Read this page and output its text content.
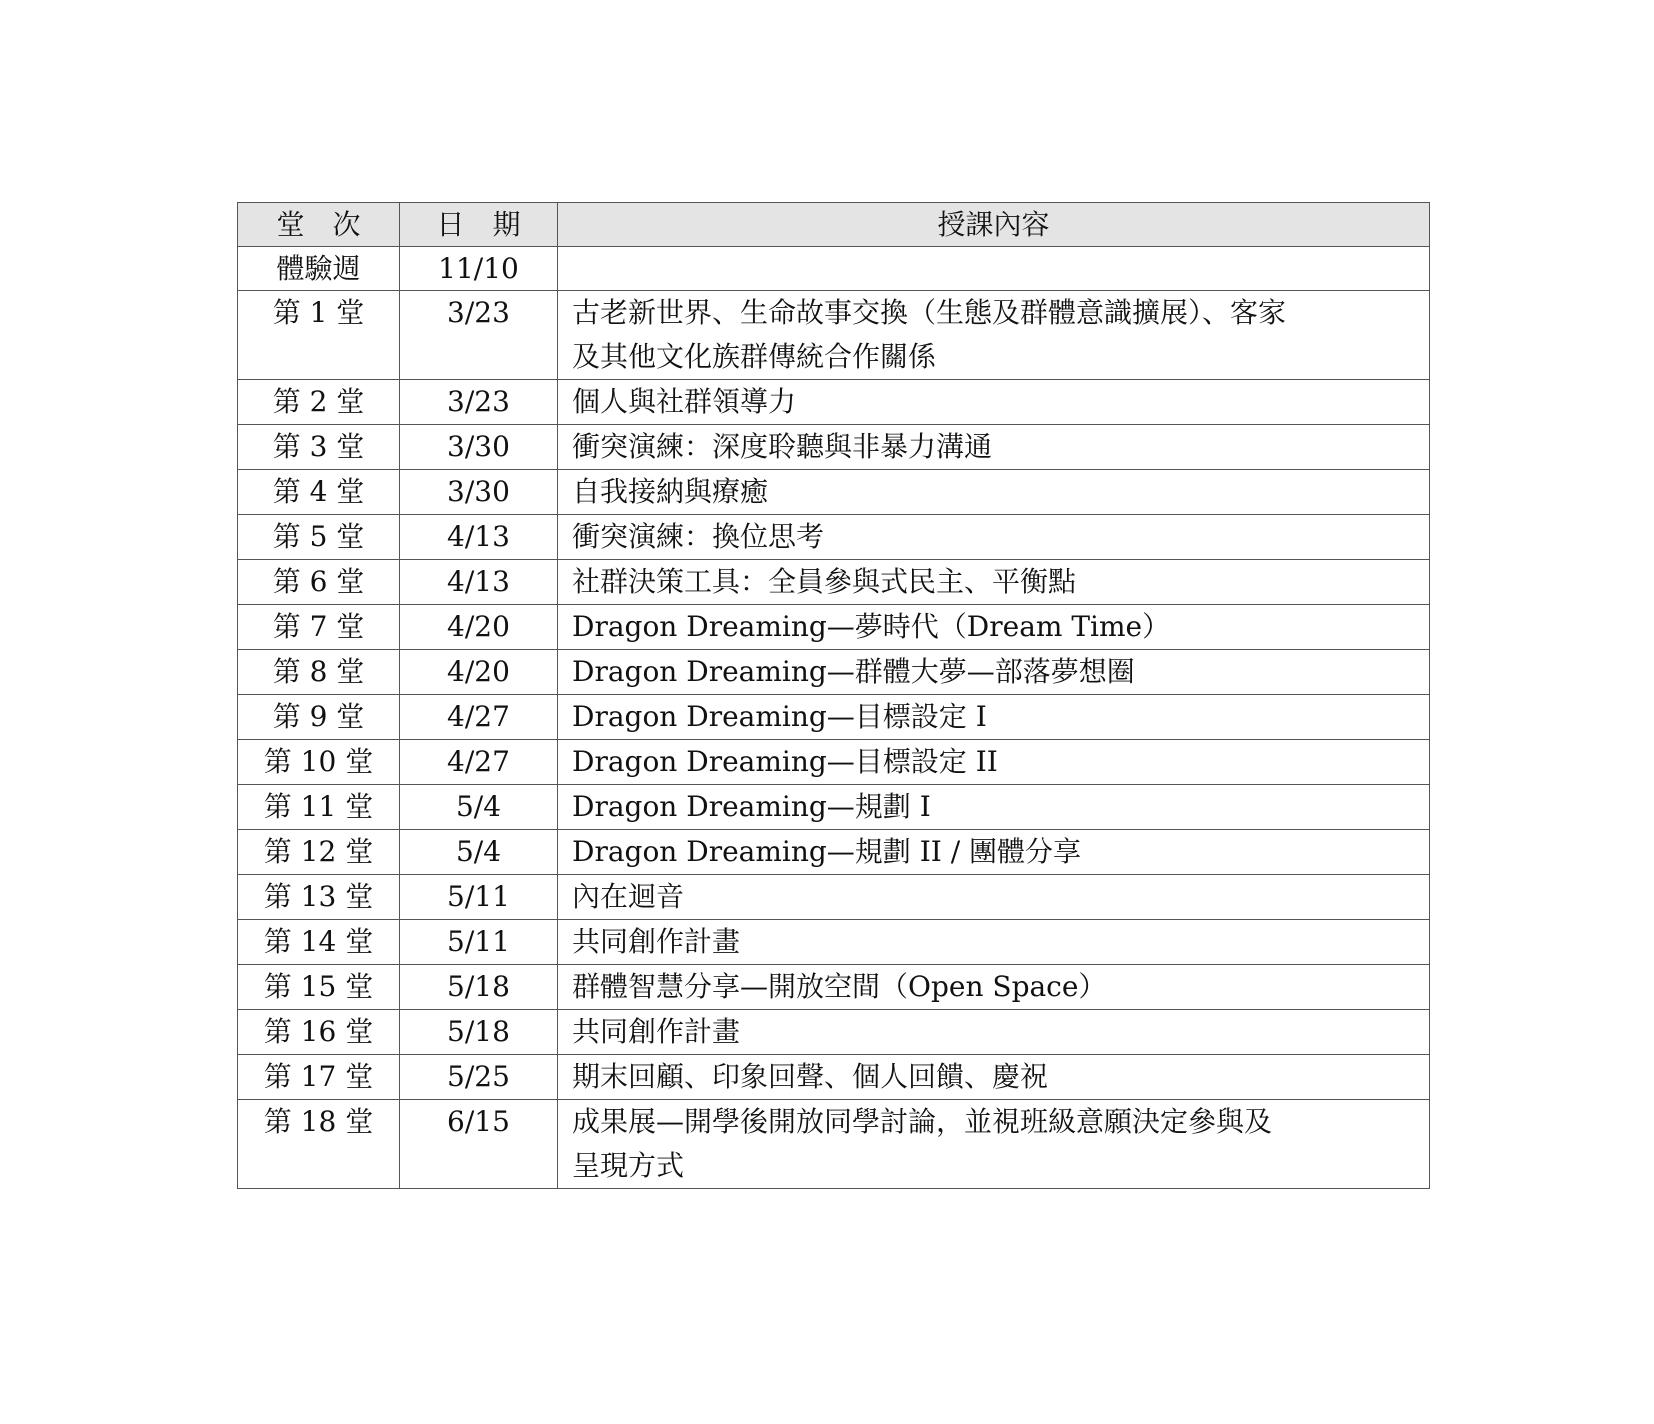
堂　次	日　期	授課內容
體驗週	11/10	
第 1 堂	3/23	古老新世界、生命故事交換（生態及群體意識擴展）、客家
及其他文化族群傳統合作關係
第 2 堂	3/23	個人與社群領導力
第 3 堂	3/30	衝突演練：深度聆聽與非暴力溝通
第 4 堂	3/30	自我接納與療癒
第 5 堂	4/13	衝突演練：換位思考
第 6 堂	4/13	社群決策工具：全員參與式民主、平衡點
第 7 堂	4/20	Dragon Dreaming—夢時代（Dream Time）
第 8 堂	4/20	Dragon Dreaming—群體大夢—部落夢想圈
第 9 堂	4/27	Dragon Dreaming—目標設定 I
第 10 堂	4/27	Dragon Dreaming—目標設定 II
第 11 堂	5/4	Dragon Dreaming—規劃 I
第 12 堂	5/4	Dragon Dreaming—規劃 II / 團體分享
第 13 堂	5/11	內在迴音
第 14 堂	5/11	共同創作計畫
第 15 堂	5/18	群體智慧分享—開放空間（Open Space）
第 16 堂	5/18	共同創作計畫
第 17 堂	5/25	期末回顧、印象回聲、個人回饋、慶祝
第 18 堂	6/15	成果展—開學後開放同學討論，並視班級意願決定參與及
呈現方式
